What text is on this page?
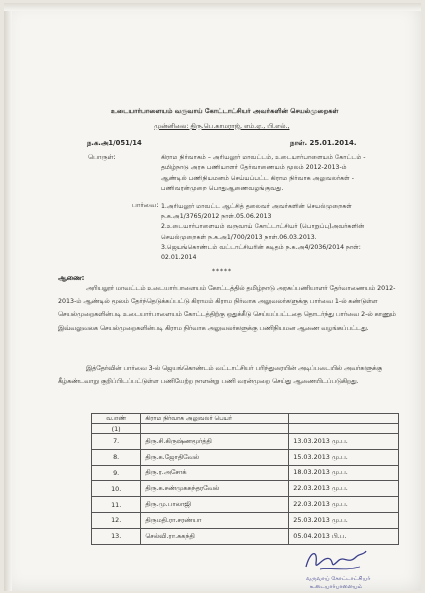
உடையார்பாளையம் வருவாய் கோட்டாட்சியர் அவர்களின் செயல்முறைகள்
முன்னிலை: திரு.பெ.காமராஜ், எம்.ஏ., பி.எல்.,
ந.க.அ1/051/14	நாள். 25.01.2014.
பொருள்:	கிராம நிர்வாகம் – அரியலூர் மாவட்டம், உடையார்பாளையம் கோட்டம் -
தமிழ்நாடு அரசு பணியாளர் தேர்வாணையம் மூலம் 2012-2013-ம்
ஆண்டில் பணிநியமனம் செய்யப்பட்ட கிராம நிர்வாக அலுவலர்கள் -
பணிவரன்முறை பொதுஆணைவழங்குவது.
பார்வை: 1.அரியலூர் மாவட்ட ஆட்சித் தலைவர் அவர்களின் செயல்முறைகள்
ந.க.அ1/3765/2012 நாள்.05.06.2013
2.உடையார்பாளையம் வருவாய் கோட்டாட்சியர் (பொறுப்பு)அவர்களின்
செயல்முறைகள் ந.க.அ1/700/2013 நாள்.06.03.2013.
3.ஜெயங்கொண்டம் வட்டாட்சியரின் கடிதம் ந.க.அ4/2036/2014 நாள்:
02.01.2014
*****
ஆணை:
அரியலூர் மாவட்டம் உடையார்பாளையம் கோட்டத்தில் தமிழ்நாடு அரசுப்பணியாளர் தேர்வாணையம் 2012-2013-ம் ஆண்டில் மூலம் தேர்ந்தெடுக்கப்பட்டு கிராமம் கிராம நிர்வாக அலுவலர்களுக்கு பார்வை 1-ல் கண்டுள்ள செயல்முறைகளின்படி உடையார்பாளையம் கோட்டத்திற்கு ஒதுக்கீடு செய்யப்பட்டதை தொடர்ந்து பார்வை 2-ல் காணும் இவ்வலுவலக செயல்முறைகளின்படி கிராம நிர்வாக அலுவலர்களுக்கு பணிநியமன ஆணை வழங்கப்பட்டது.
இத்தேர்வின் பார்வை 3-ல் ஜெயங்கொண்டம் வட்டாட்சியர் பரிந்துரையின் அடிப்படையில் அவர்களுக்கு கீழ்கண்டவாறு குறிப்பிடப்பட்டுள்ள பணியேற்ற நாளன்று பணி வரன்முறை செய்து ஆணையிடப்படுகிறது.
வ.எண்	கிராம நிர்வாக அலுவலர் பெயர்	
(1)		
7.	திரு.சி.கிருஷ்ணமூர்த்தி	13.03.2013 மு.ப.
8.	திரு.க.ஜோதிவேல்	15.03.2013 மு.ப.
9.	திரு.ர.அசோக்	18.03.2013 மு.ப.
10.	திரு.க.சண்முகசுந்தரவேல்	22.03.2013 மு.ப.
11.	திரு.மு.பாலாஜி	22.03.2013 மு.ப.
12.	திருமதி.ரா.சரண்யா	25.03.2013 மு.ப.
13.	செல்வி.ரா.சுகந்தி	05.04.2013 பி.ப.
வருவாய் கோட்டாட்சியர்
உடையார்பாளையம்
